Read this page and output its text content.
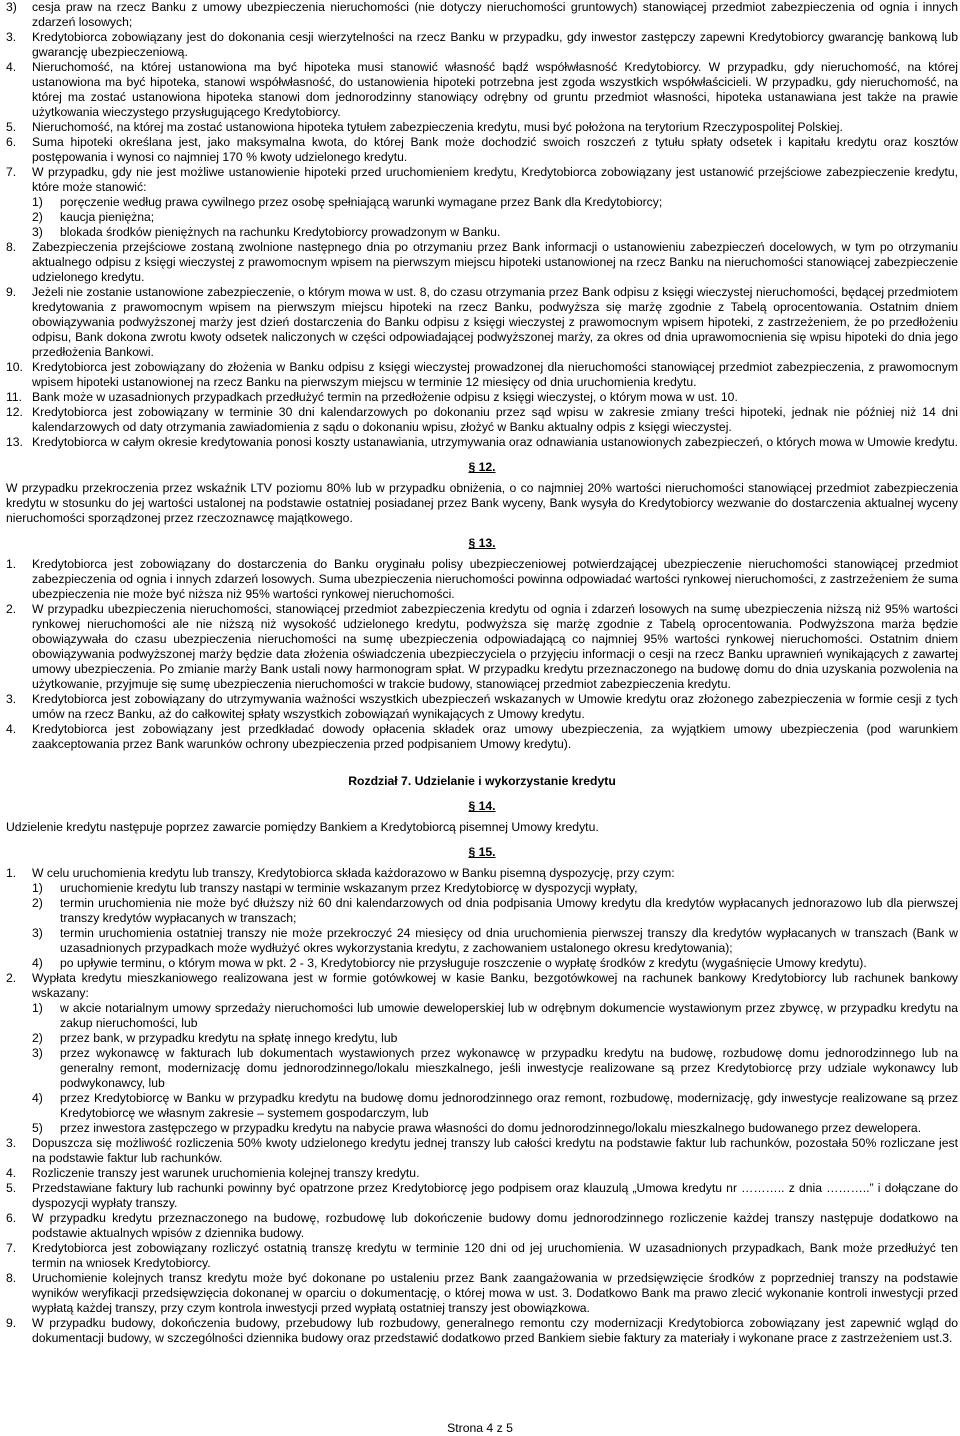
3) cesja praw na rzecz Banku z umowy ubezpieczenia nieruchomości (nie dotyczy nieruchomości gruntowych) stanowiącej przedmiot zabezpieczenia od ognia i innych zdarzeń losowych;
3. Kredytobiorca zobowiązany jest do dokonania cesji wierzytelności na rzecz Banku w przypadku, gdy inwestor zastępczy zapewni Kredytobiorcy gwarancję bankową lub gwarancję ubezpieczeniową.
4. Nieruchomość, na której ustanowiona ma być hipoteka musi stanowić własność bądź współwłasność Kredytobiorcy. W przypadku, gdy nieruchomość, na której ustanowiona ma być hipoteka, stanowi współwłasność, do ustanowienia hipoteki potrzebna jest zgoda wszystkich współwłaścicieli. W przypadku, gdy nieruchomość, na której ma zostać ustanowiona hipoteka stanowi dom jednorodzinny stanowiący odrębny od gruntu przedmiot własności, hipoteka ustanawiana jest także na prawie użytkowania wieczystego przysługującego Kredytobiorcy.
5. Nieruchomość, na której ma zostać ustanowiona hipoteka tytułem zabezpieczenia kredytu, musi być położona na terytorium Rzeczypospolitej Polskiej.
6. Suma hipoteki określana jest, jako maksymalna kwota, do której Bank może dochodzić swoich roszczeń z tytułu spłaty odsetek i kapitału kredytu oraz kosztów postępowania i wynosi co najmniej 170 % kwoty udzielonego kredytu.
7. W przypadku, gdy nie jest możliwe ustanowienie hipoteki przed uruchomieniem kredytu, Kredytobiorca zobowiązany jest ustanowić przejściowe zabezpieczenie kredytu, które może stanowić:
1) poręczenie według prawa cywilnego przez osobę spełniającą warunki wymagane przez Bank dla Kredytobiorcy;
2) kaucja pieniężna;
3) blokada środków pieniężnych na rachunku Kredytobiorcy prowadzonym w Banku.
8. Zabezpieczenia przejściowe zostaną zwolnione następnego dnia po otrzymaniu przez Bank informacji o ustanowieniu zabezpieczeń docelowych, w tym po otrzymaniu aktualnego odpisu z księgi wieczystej z prawomocnym wpisem na pierwszym miejscu hipoteki ustanowionej na rzecz Banku na nieruchomości stanowiącej zabezpieczenie udzielonego kredytu.
9. Jeżeli nie zostanie ustanowione zabezpieczenie, o którym mowa w ust. 8, do czasu otrzymania przez Bank odpisu z księgi wieczystej nieruchomości, będącej przedmiotem kredytowania z prawomocnym wpisem na pierwszym miejscu hipoteki na rzecz Banku, podwyższa się marżę zgodnie z Tabelą oprocentowania. Ostatnim dniem obowiązywania podwyższonej marży jest dzień dostarczenia do Banku odpisu z księgi wieczystej z prawomocnym wpisem hipoteki, z zastrzeżeniem, że po przedłożeniu odpisu, Bank dokona zwrotu kwoty odsetek naliczonych w części odpowiadającej podwyższonej marży, za okres od dnia uprawomocnienia się wpisu hipoteki do dnia jego przedłożenia Bankowi.
10. Kredytobiorca jest zobowiązany do złożenia w Banku odpisu z księgi wieczystej prowadzonej dla nieruchomości stanowiącej przedmiot zabezpieczenia, z prawomocnym wpisem hipoteki ustanowionej na rzecz Banku na pierwszym miejscu w terminie 12 miesięcy od dnia uruchomienia kredytu.
11. Bank może w uzasadnionych przypadkach przedłużyć termin na przedłożenie odpisu z księgi wieczystej, o którym mowa w ust. 10.
12. Kredytobiorca jest zobowiązany w terminie 30 dni kalendarzowych po dokonaniu przez sąd wpisu w zakresie zmiany treści hipoteki, jednak nie później niż 14 dni kalendarzowych od daty otrzymania zawiadomienia z sądu o dokonaniu wpisu, złożyć w Banku aktualny odpis z księgi wieczystej.
13. Kredytobiorca w całym okresie kredytowania ponosi koszty ustanawiania, utrzymywania oraz odnawiania ustanowionych zabezpieczeń, o których mowa w Umowie kredytu.
§ 12.

W przypadku przekroczenia przez wskaźnik LTV poziomu 80% lub w przypadku obniżenia, o co najmniej 20% wartości nieruchomości stanowiącej przedmiot zabezpieczenia kredytu w stosunku do jej wartości ustalonej na podstawie ostatniej posiadanej przez Bank wyceny, Bank wysyła do Kredytobiorcy wezwanie do dostarczenia aktualnej wyceny nieruchomości sporządzonej przez rzeczoznawcę majątkowego.

§ 13.
1. Kredytobiorca jest zobowiązany do dostarczenia do Banku oryginału polisy ubezpieczeniowej potwierdzającej ubezpieczenie nieruchomości stanowiącej przedmiot zabezpieczenia od ognia i innych zdarzeń losowych. Suma ubezpieczenia nieruchomości powinna odpowiadać wartości rynkowej nieruchomości, z zastrzeżeniem że suma ubezpieczenia nie może być niższa niż 95% wartości rynkowej nieruchomości.
2. W przypadku ubezpieczenia nieruchomości, stanowiącej przedmiot zabezpieczenia kredytu od ognia i zdarzeń losowych na sumę ubezpieczenia niższą niż 95% wartości rynkowej nieruchomości ale nie niższą niż wysokość udzielonego kredytu, podwyższa się marżę zgodnie z Tabelą oprocentowania. Podwyższona marża będzie obowiązywała do czasu ubezpieczenia nieruchomości na sumę ubezpieczenia odpowiadającą co najmniej 95% wartości rynkowej nieruchomości. Ostatnim dniem obowiązywania podwyższonej marży będzie data złożenia oświadczenia ubezpieczyciela o przyjęciu informacji o cesji na rzecz Banku uprawnień wynikających z zawartej umowy ubezpieczenia. Po zmianie marży Bank ustali nowy harmonogram spłat. W przypadku kredytu przeznaczonego na budowę domu do dnia uzyskania pozwolenia na użytkowanie, przyjmuje się sumę ubezpieczenia nieruchomości w trakcie budowy, stanowiącej przedmiot zabezpieczenia kredytu.
3. Kredytobiorca jest zobowiązany do utrzymywania ważności wszystkich ubezpieczeń wskazanych w Umowie kredytu oraz złożonego zabezpieczenia w formie cesji z tych umów na rzecz Banku, aż do całkowitej spłaty wszystkich zobowiązań wynikających z Umowy kredytu.
4. Kredytobiorca jest zobowiązany jest przedkładać dowody opłacenia składek oraz umowy ubezpieczenia, za wyjątkiem umowy ubezpieczenia (pod warunkiem zaakceptowania przez Bank warunków ochrony ubezpieczenia przed podpisaniem Umowy kredytu).
Rozdział 7. Udzielanie i wykorzystanie kredytu
§ 14.

Udzielenie kredytu następuje poprzez zawarcie pomiędzy Bankiem a Kredytobiorcą pisemnej Umowy kredytu.

§ 15.
1. W celu uruchomienia kredytu lub transzy, Kredytobiorca składa każdorazowo w Banku pisemną dyspozycję, przy czym:
1) uruchomienie kredytu lub transzy nastąpi w terminie wskazanym przez Kredytobiorcę w dyspozycji wypłaty,
2) termin uruchomienia nie może być dłuższy niż 60 dni kalendarzowych od dnia podpisania Umowy kredytu dla kredytów wypłacanych jednorazowo lub dla pierwszej transzy kredytów wypłacanych w transzach;
3) termin uruchomienia ostatniej transzy nie może przekroczyć 24 miesięcy od dnia uruchomienia pierwszej transzy dla kredytów wypłacanych w transzach (Bank w uzasadnionych przypadkach może wydłużyć okres wykorzystania kredytu, z zachowaniem ustalonego okresu kredytowania);
4) po upływie terminu, o którym mowa w pkt. 2 - 3, Kredytobiorcy nie przysługuje roszczenie o wypłatę środków z kredytu (wygaśnięcie Umowy kredytu).
2. Wypłata kredytu mieszkaniowego realizowana jest w formie gotówkowej w kasie Banku, bezgotówkowej na rachunek bankowy Kredytobiorcy lub rachunek bankowy wskazany:
1) w akcie notarialnym umowy sprzedaży nieruchomości lub umowie deweloperskiej lub w odrębnym dokumencie wystawionym przez zbywcę, w przypadku kredytu na zakup nieruchomości, lub
2) przez bank, w przypadku kredytu na spłatę innego kredytu, lub
3) przez wykonawcę w fakturach lub dokumentach wystawionych przez wykonawcę w przypadku kredytu na budowę, rozbudowę domu jednorodzinnego lub na generalny remont, modernizację domu jednorodzinnego/lokalu mieszkalnego, jeśli inwestycje realizowane są przez Kredytobiorcę przy udziale wykonawcy lub podwykonawcy, lub
4) przez Kredytobiorcę w Banku w przypadku kredytu na budowę domu jednorodzinnego oraz remont, rozbudowę, modernizację, gdy inwestycje realizowane są przez Kredytobiorcę we własnym zakresie – systemem gospodarczym, lub
5) przez inwestora zastępczego w przypadku kredytu na nabycie prawa własności do domu jednorodzinnego/lokalu mieszkalnego budowanego przez dewelopera.
3. Dopuszcza się możliwość rozliczenia 50% kwoty udzielonego kredytu jednej transzy lub całości kredytu na podstawie faktur lub rachunków, pozostała 50% rozliczane jest na podstawie faktur lub rachunków.
4. Rozliczenie transzy jest warunek uruchomienia kolejnej transzy kredytu.
5. Przedstawiane faktury lub rachunki powinny być opatrzone przez Kredytobiorcę jego podpisem oraz klauzulą „Umowa kredytu nr ……….. z dnia ………..” i dołączane do dyspozycji wypłaty transzy.
6. W przypadku kredytu przeznaczonego na budowę, rozbudowę lub dokończenie budowy domu jednorodzinnego rozliczenie każdej transzy następuje dodatkowo na podstawie aktualnych wpisów z dziennika budowy.
7. Kredytobiorca jest zobowiązany rozliczyć ostatnią transzę kredytu w terminie 120 dni od jej uruchomienia. W uzasadnionych przypadkach, Bank może przedłużyć ten termin na wniosek Kredytobiorcy.
8. Uruchomienie kolejnych transz kredytu może być dokonane po ustaleniu przez Bank zaangażowania w przedsięwzięcie środków z poprzedniej transzy na podstawie wyników weryfikacji przedsięwzięcia dokonanej w oparciu o dokumentację, o której mowa w ust. 3. Dodatkowo Bank ma prawo zlecić wykonanie kontroli inwestycji przed wypłatą każdej transzy, przy czym kontrola inwestycji przed wypłatą ostatniej transzy jest obowiązkowa.
9. W przypadku budowy, dokończenia budowy, przebudowy lub rozbudowy, generalnego remontu czy modernizacji Kredytobiorca zobowiązany jest zapewnić wgląd do dokumentacji budowy, w szczególności dziennika budowy oraz przedstawić dodatkowo przed Bankiem siebie faktury za materiały i wykonane prace z zastrzeżeniem ust.3.
Strona 4 z 5
